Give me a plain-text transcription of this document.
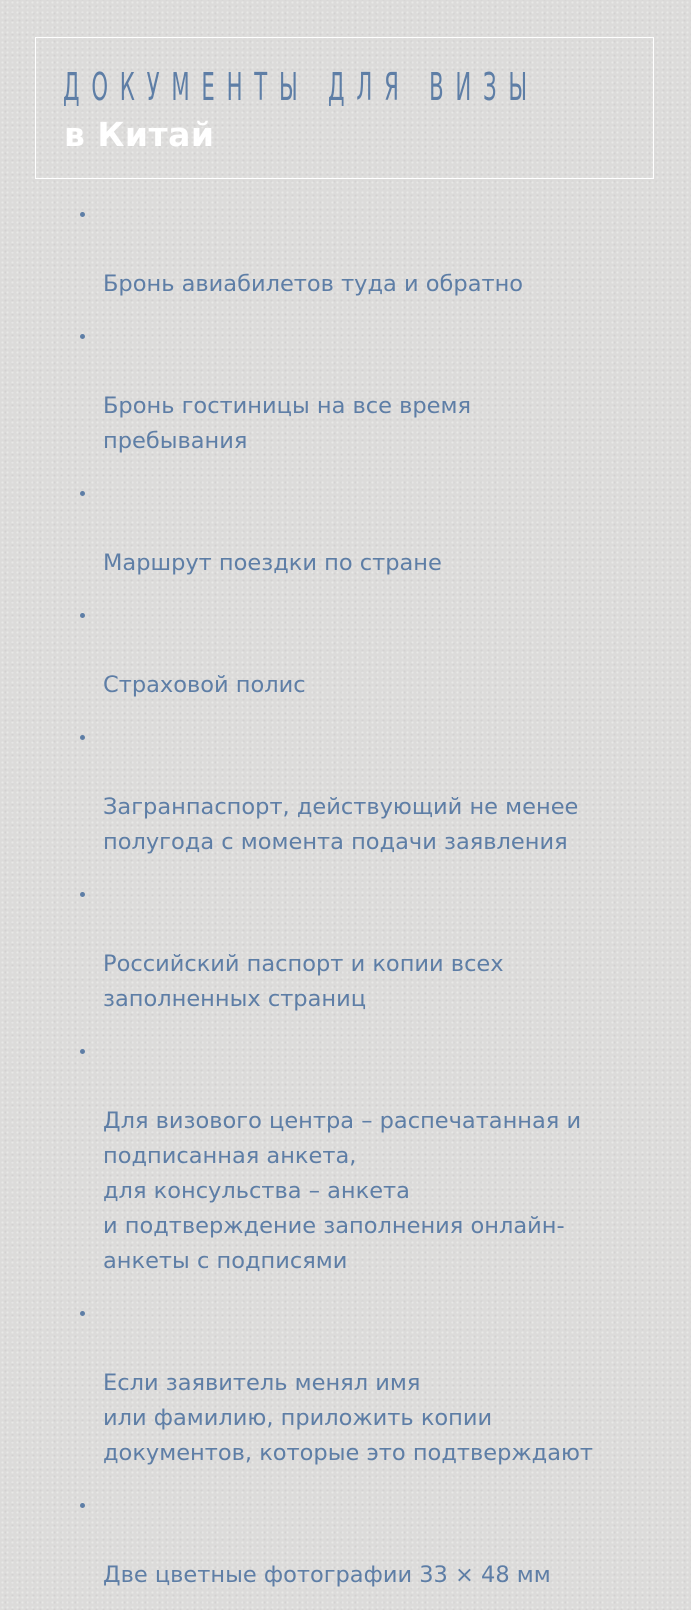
ДОКУМЕНТЫ ДЛЯ ВИЗЫ
в Китай

Бронь авиабилетов туда и обратно

Бронь гостиницы на все время
пребывания

Маршрут поездки по стране

Страховой полис

Загранпаспорт, действующий не менее
полугода с момента подачи заявления

Российский паспорт и копии всех
заполненных страниц

Для визового центра – распечатанная и
подписанная анкета,
для консульства – анкета
и подтверждение заполнения онлайн-
анкеты с подписями

Если заявитель менял имя
или фамилию, приложить копии
документов, которые это подтверждают

Две цветные фотографии 33 × 48 мм
